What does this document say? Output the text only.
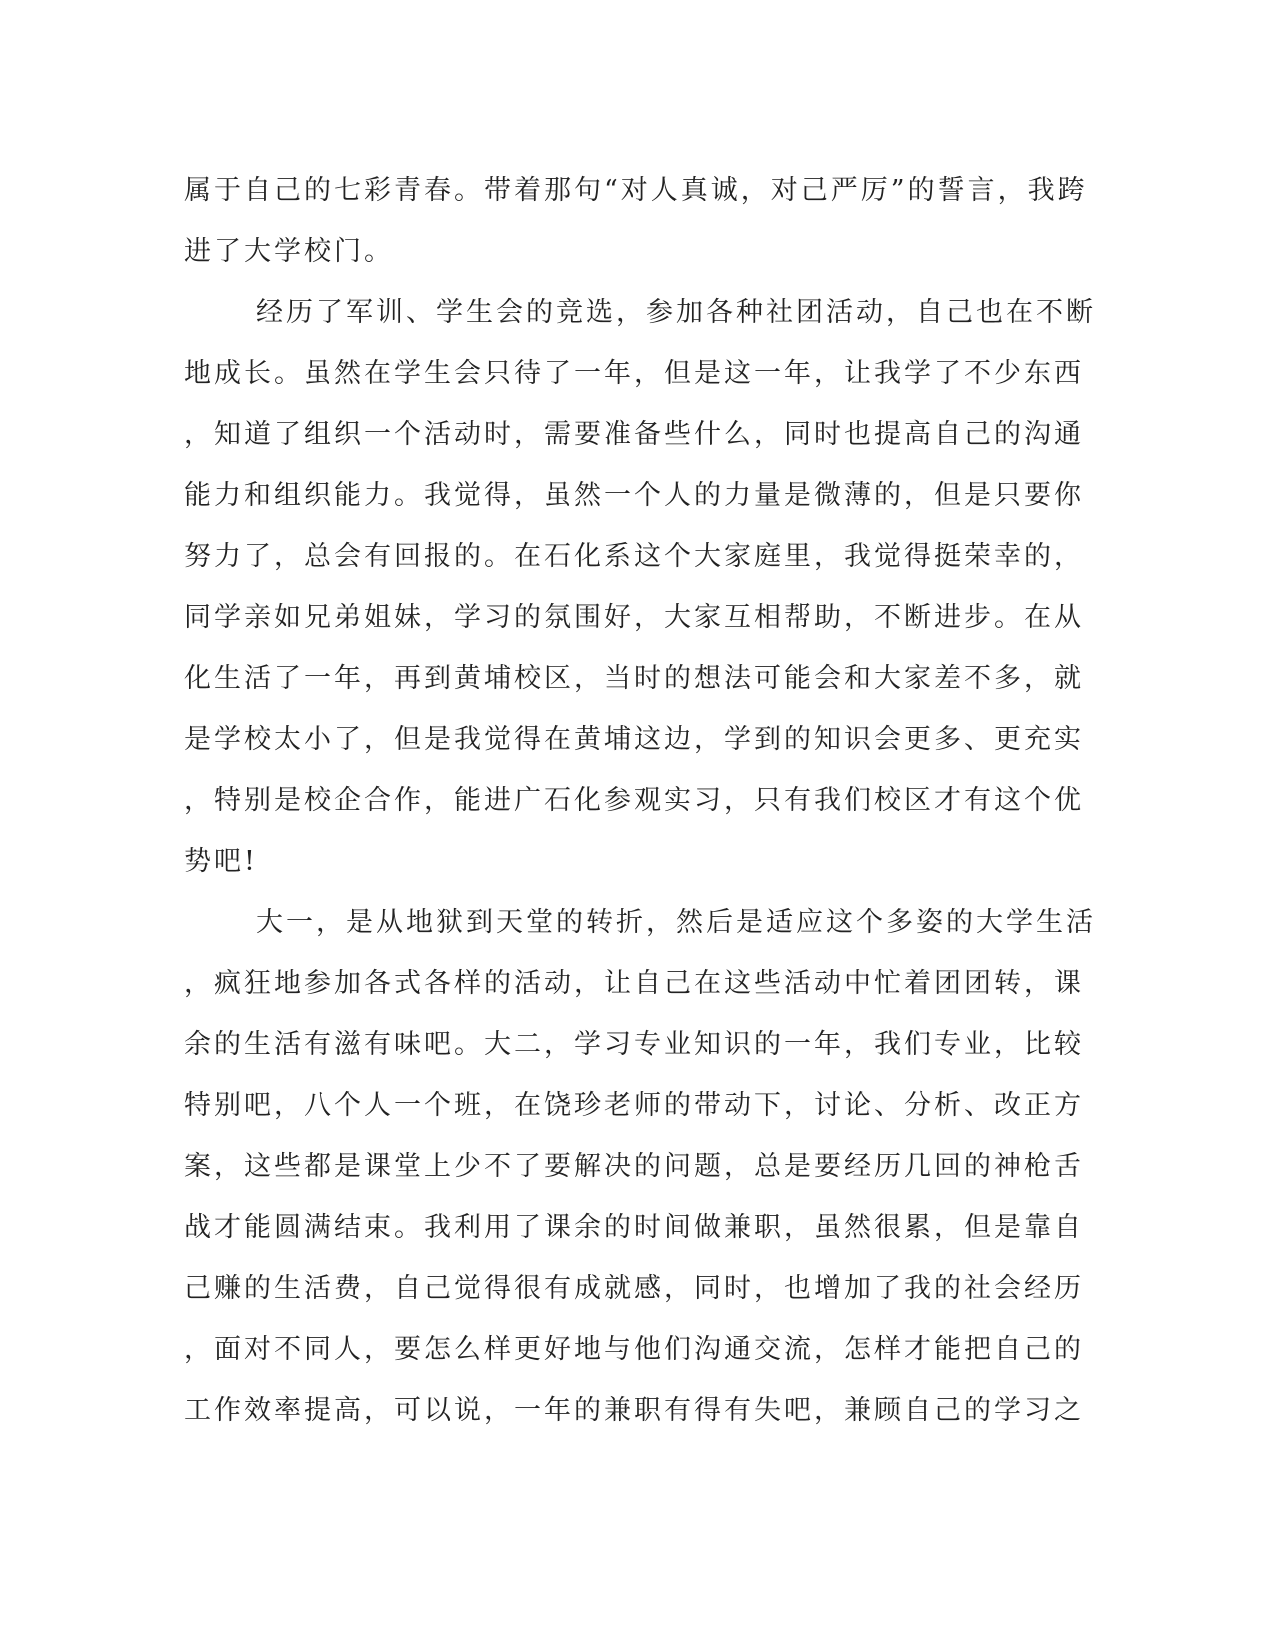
属于自己的七彩青春。带着那句“对人真诚，对己严厉”的誓言，我跨
进了大学校门。
经历了军训、学生会的竞选，参加各种社团活动，自己也在不断
地成长。虽然在学生会只待了一年，但是这一年，让我学了不少东西
，知道了组织一个活动时，需要准备些什么，同时也提高自己的沟通
能力和组织能力。我觉得，虽然一个人的力量是微薄的，但是只要你
努力了，总会有回报的。在石化系这个大家庭里，我觉得挺荣幸的，
同学亲如兄弟姐妹，学习的氛围好，大家互相帮助，不断进步。在从
化生活了一年，再到黄埔校区，当时的想法可能会和大家差不多，就
是学校太小了，但是我觉得在黄埔这边，学到的知识会更多、更充实
，特别是校企合作，能进广石化参观实习，只有我们校区才有这个优
势吧!
大一，是从地狱到天堂的转折，然后是适应这个多姿的大学生活
，疯狂地参加各式各样的活动，让自己在这些活动中忙着团团转，课
余的生活有滋有味吧。大二，学习专业知识的一年，我们专业，比较
特别吧，八个人一个班，在饶珍老师的带动下，讨论、分析、改正方
案，这些都是课堂上少不了要解决的问题，总是要经历几回的神枪舌
战才能圆满结束。我利用了课余的时间做兼职，虽然很累，但是靠自
己赚的生活费，自己觉得很有成就感，同时，也增加了我的社会经历
，面对不同人，要怎么样更好地与他们沟通交流，怎样才能把自己的
工作效率提高，可以说，一年的兼职有得有失吧，兼顾自己的学习之
